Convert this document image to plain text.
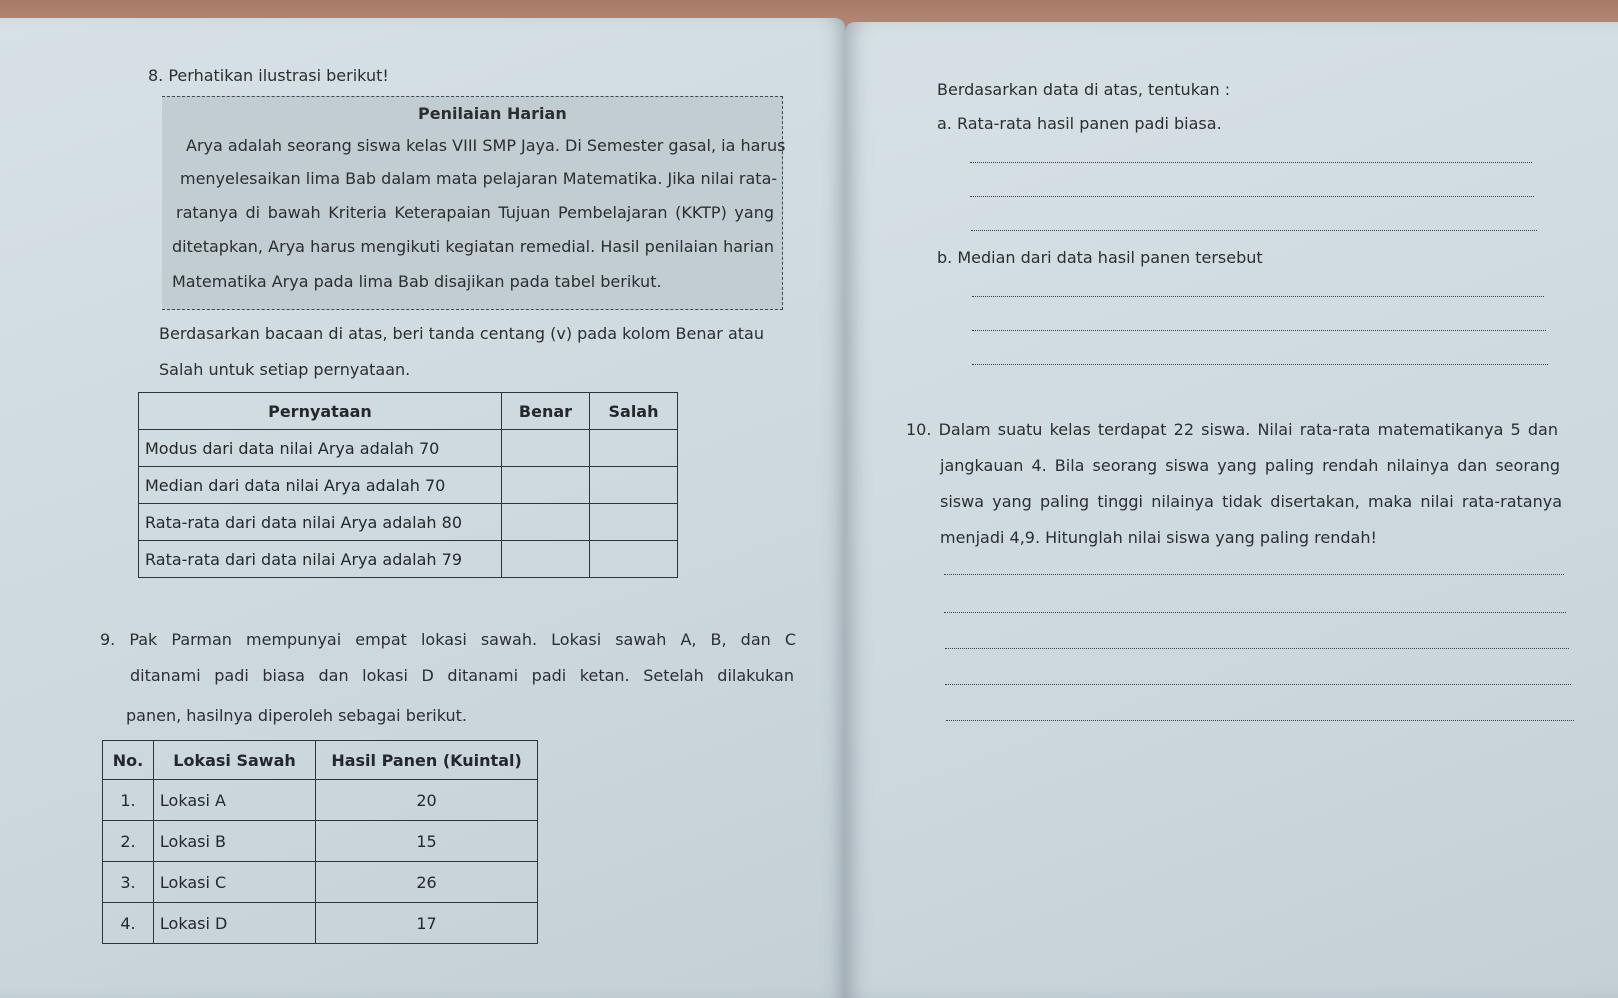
8. Perhatikan ilustrasi berikut!
Penilaian Harian
Arya adalah seorang siswa kelas VIII SMP Jaya. Di Semester gasal, ia harus
menyelesaikan lima Bab dalam mata pelajaran Matematika. Jika nilai rata-
ratanya di bawah Kriteria Keterapaian Tujuan Pembelajaran (KKTP) yang
ditetapkan, Arya harus mengikuti kegiatan remedial. Hasil penilaian harian
Matematika Arya pada lima Bab disajikan pada tabel berikut.
Berdasarkan bacaan di atas, beri tanda centang (v) pada kolom Benar atau
Salah untuk setiap pernyataan.
Pernyataan	Benar	Salah
Modus dari data nilai Arya adalah 70		
Median dari data nilai Arya adalah 70		
Rata-rata dari data nilai Arya adalah 80		
Rata-rata dari data nilai Arya adalah 79		
9. Pak Parman mempunyai empat lokasi sawah. Lokasi sawah A, B, dan C
ditanami padi biasa dan lokasi D ditanami padi ketan. Setelah dilakukan
panen, hasilnya diperoleh sebagai berikut.
No.	Lokasi Sawah	Hasil Panen (Kuintal)
1.	Lokasi A	20
2.	Lokasi B	15
3.	Lokasi C	26
4.	Lokasi D	17
Berdasarkan data di atas, tentukan :
a. Rata-rata hasil panen padi biasa.
b. Median dari data hasil panen tersebut
10. Dalam suatu kelas terdapat 22 siswa. Nilai rata-rata matematikanya 5 dan
jangkauan 4. Bila seorang siswa yang paling rendah nilainya dan seorang
siswa yang paling tinggi nilainya tidak disertakan, maka nilai rata-ratanya
menjadi 4,9. Hitunglah nilai siswa yang paling rendah!
